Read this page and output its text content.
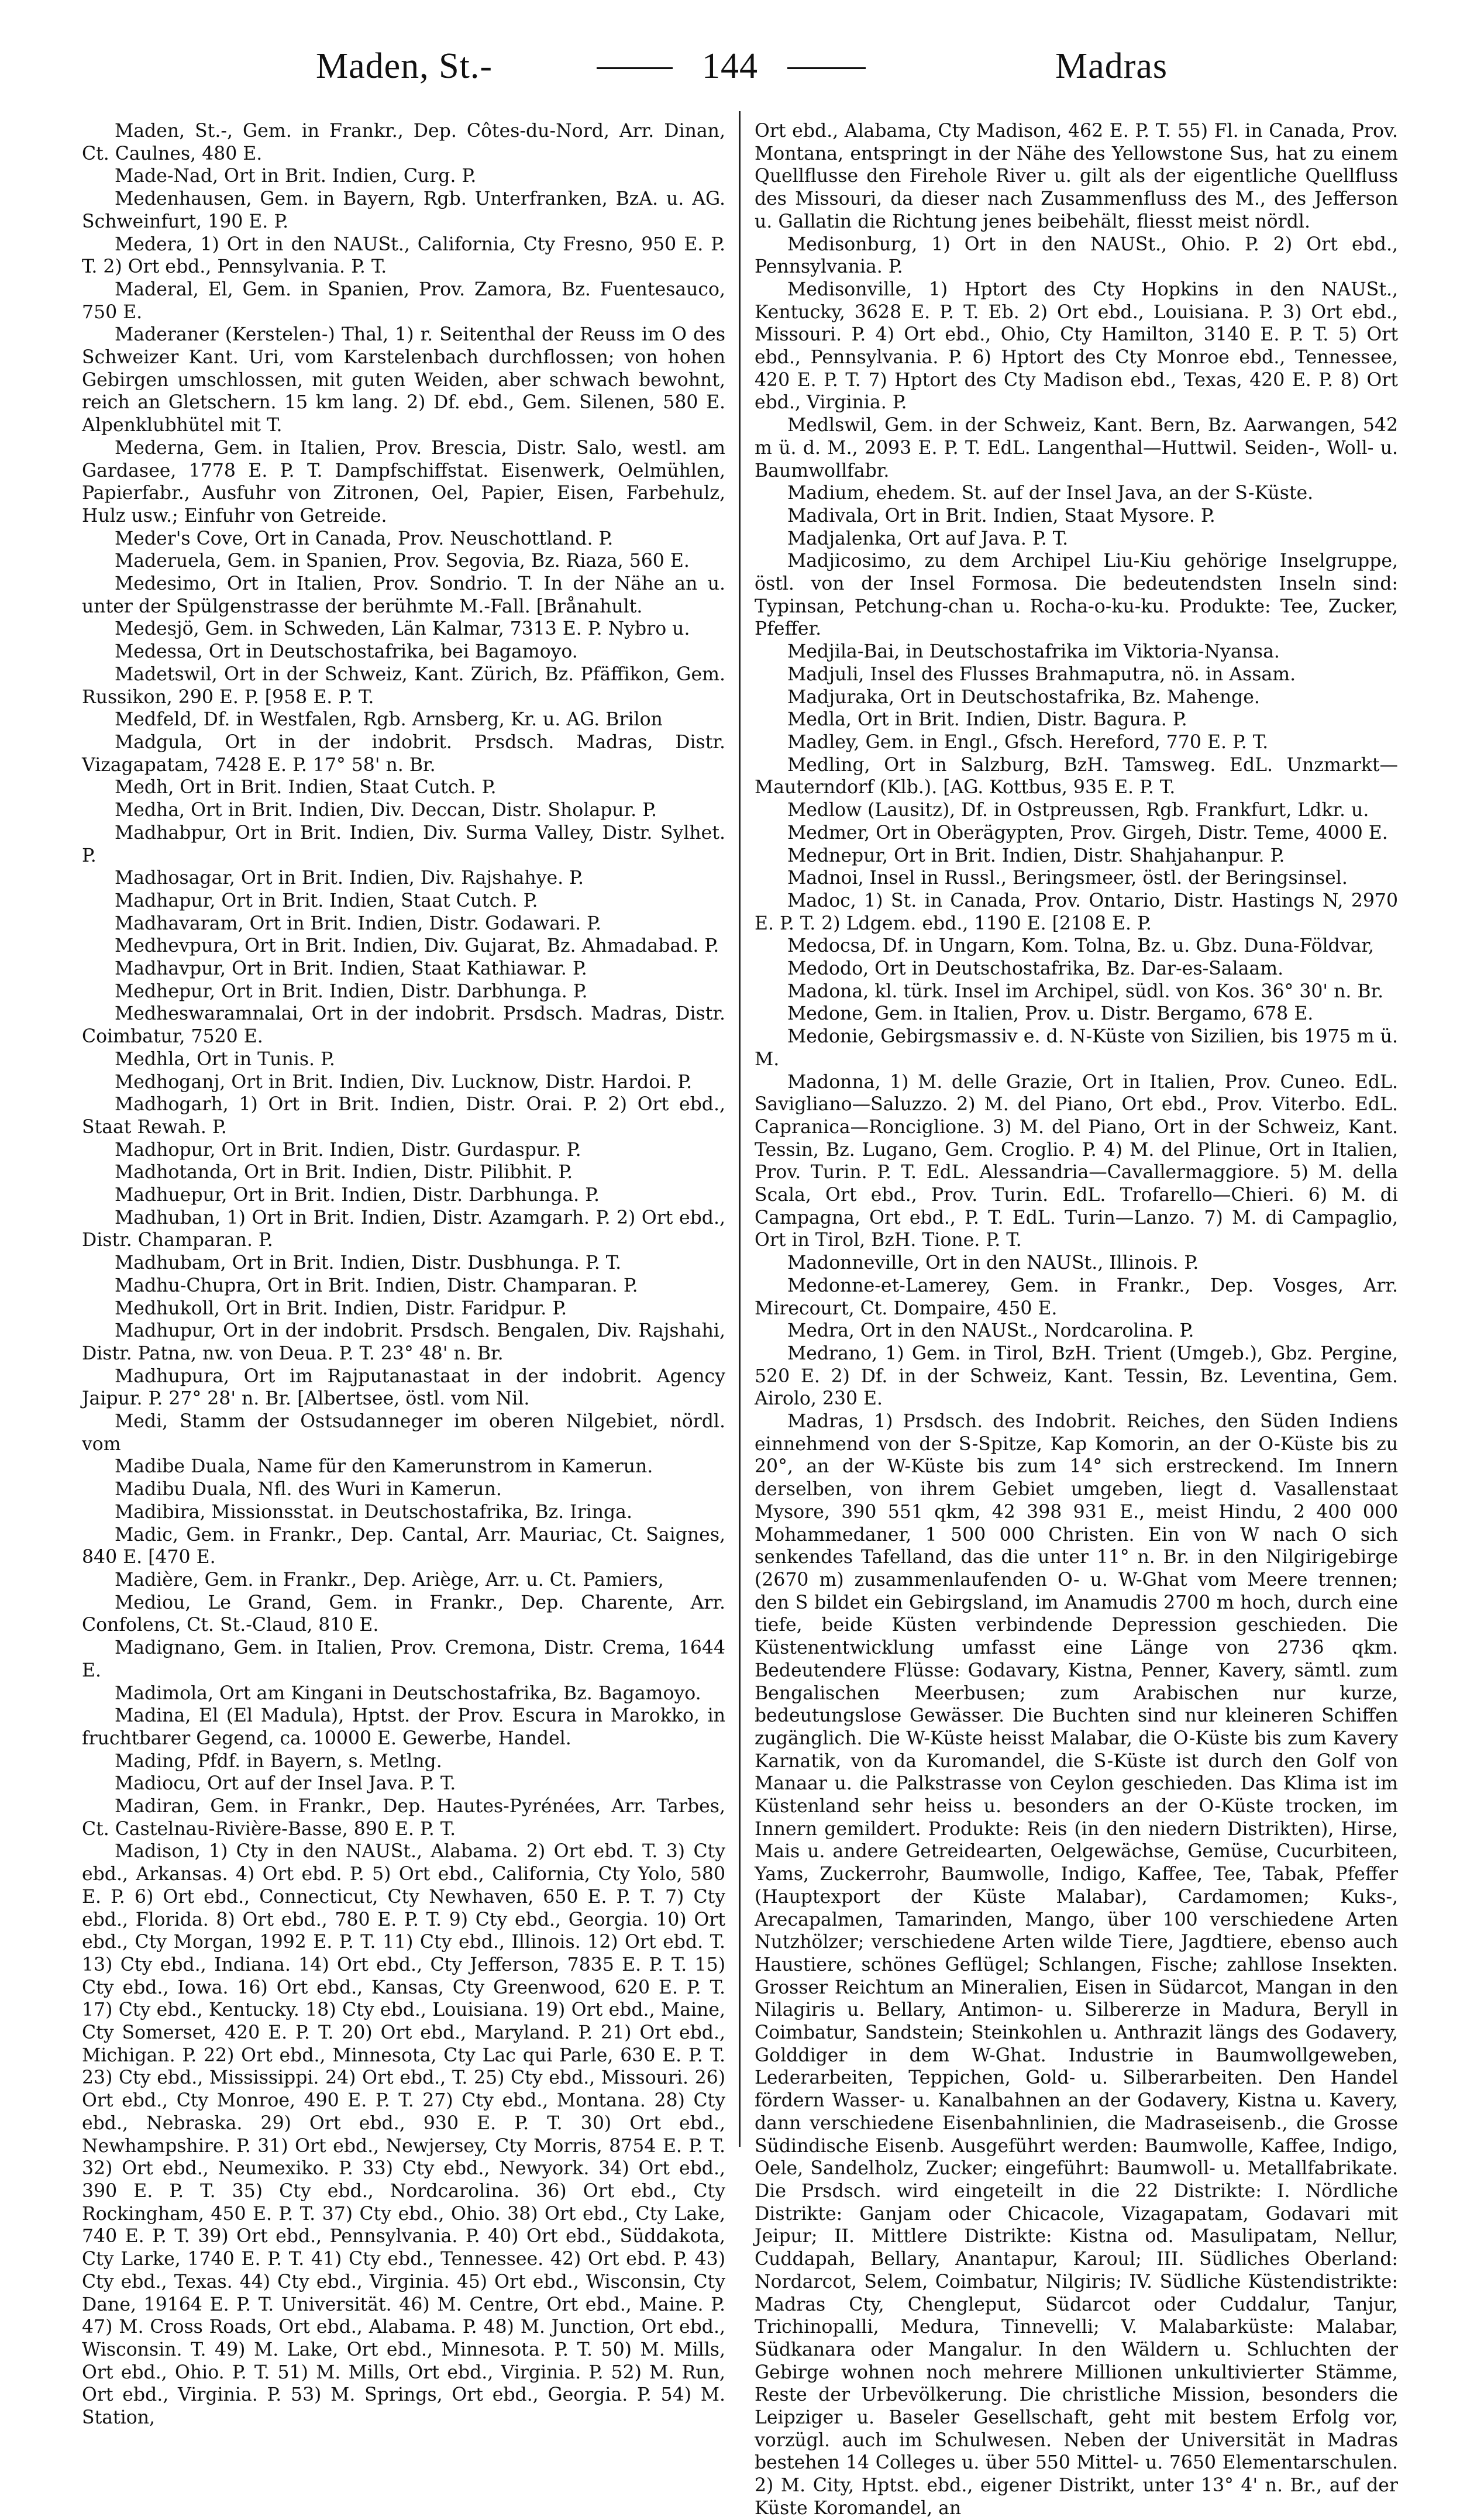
Maden, St.-	144	Madras

Maden, St.-, Gem. in Frankr., Dep. Côtes-du-Nord, Arr. Dinan, Ct. Caulnes, 480 E.

Made-Nad, Ort in Brit. Indien, Curg. P.

Medenhausen, Gem. in Bayern, Rgb. Unterfranken, BzA. u. AG. Schweinfurt, 190 E. P.

Medera, 1) Ort in den NAUSt., California, Cty Fresno, 950 E. P. T. 2) Ort ebd., Pennsylvania. P. T.

Maderal, El, Gem. in Spanien, Prov. Zamora, Bz. Fuentesauco, 750 E.

Maderaner (Kerstelen-) Thal, 1) r. Seitenthal der Reuss im O des Schweizer Kant. Uri, vom Karstelenbach durchflossen; von hohen Gebirgen umschlossen, mit guten Weiden, aber schwach bewohnt, reich an Gletschern. 15 km lang. 2) Df. ebd., Gem. Silenen, 580 E. Alpenklubhütel mit T.

Mederna, Gem. in Italien, Prov. Brescia, Distr. Salo, westl. am Gardasee, 1778 E. P. T. Dampfschiffstat. Eisenwerk, Oelmühlen, Papierfabr., Ausfuhr von Zitronen, Oel, Papier, Eisen, Farbehulz, Hulz usw.; Einfuhr von Getreide.

Meder's Cove, Ort in Canada, Prov. Neuschottland. P.

Maderuela, Gem. in Spanien, Prov. Segovia, Bz. Riaza, 560 E.

Medesimo, Ort in Italien, Prov. Sondrio. T. In der Nähe an u. unter der Spülgenstrasse der berühmte M.-Fall. [Brånahult.

Medesjö, Gem. in Schweden, Län Kalmar, 7313 E. P. Nybro u.

Medessa, Ort in Deutschostafrika, bei Bagamoyo.

Madetswil, Ort in der Schweiz, Kant. Zürich, Bz. Pfäffikon, Gem. Russikon, 290 E. P. [958 E. P. T.

Medfeld, Df. in Westfalen, Rgb. Arnsberg, Kr. u. AG. Brilon

Madgula, Ort in der indobrit. Prsdsch. Madras, Distr. Vizagapatam, 7428 E. P. 17° 58' n. Br.

Medh, Ort in Brit. Indien, Staat Cutch. P.

Medha, Ort in Brit. Indien, Div. Deccan, Distr. Sholapur. P.

Madhabpur, Ort in Brit. Indien, Div. Surma Valley, Distr. Sylhet. P.

Madhosagar, Ort in Brit. Indien, Div. Rajshahye. P.

Madhapur, Ort in Brit. Indien, Staat Cutch. P.

Madhavaram, Ort in Brit. Indien, Distr. Godawari. P.

Medhevpura, Ort in Brit. Indien, Div. Gujarat, Bz. Ahmadabad. P.

Madhavpur, Ort in Brit. Indien, Staat Kathiawar. P.

Medhepur, Ort in Brit. Indien, Distr. Darbhunga. P.

Medheswaramnalai, Ort in der indobrit. Prsdsch. Madras, Distr. Coimbatur, 7520 E.

Medhla, Ort in Tunis. P.

Medhoganj, Ort in Brit. Indien, Div. Lucknow, Distr. Hardoi. P.

Madhogarh, 1) Ort in Brit. Indien, Distr. Orai. P. 2) Ort ebd., Staat Rewah. P.

Madhopur, Ort in Brit. Indien, Distr. Gurdaspur. P.

Madhotanda, Ort in Brit. Indien, Distr. Pilibhit. P.

Madhuepur, Ort in Brit. Indien, Distr. Darbhunga. P.

Madhuban, 1) Ort in Brit. Indien, Distr. Azamgarh. P. 2) Ort ebd., Distr. Champaran. P.

Madhubam, Ort in Brit. Indien, Distr. Dusbhunga. P. T.

Madhu-Chupra, Ort in Brit. Indien, Distr. Champaran. P.

Medhukoll, Ort in Brit. Indien, Distr. Faridpur. P.

Madhupur, Ort in der indobrit. Prsdsch. Bengalen, Div. Rajshahi, Distr. Patna, nw. von Deua. P. T. 23° 48' n. Br.

Madhupura, Ort im Rajputanastaat in der indobrit. Agency Jaipur. P. 27° 28' n. Br. [Albertsee, östl. vom Nil.

Medi, Stamm der Ostsudanneger im oberen Nilgebiet, nördl. vom

Madibe Duala, Name für den Kamerunstrom in Kamerun.

Madibu Duala, Nfl. des Wuri in Kamerun.

Madibira, Missionsstat. in Deutschostafrika, Bz. Iringa.

Madic, Gem. in Frankr., Dep. Cantal, Arr. Mauriac, Ct. Saignes, 840 E. [470 E.

Madière, Gem. in Frankr., Dep. Ariège, Arr. u. Ct. Pamiers,

Mediou, Le Grand, Gem. in Frankr., Dep. Charente, Arr. Confolens, Ct. St.-Claud, 810 E.

Madignano, Gem. in Italien, Prov. Cremona, Distr. Crema, 1644 E.

Madimola, Ort am Kingani in Deutschostafrika, Bz. Bagamoyo.

Madina, El (El Madula), Hptst. der Prov. Escura in Marokko, in fruchtbarer Gegend, ca. 10000 E. Gewerbe, Handel.

Mading, Pfdf. in Bayern, s. Metlng.

Madiocu, Ort auf der Insel Java. P. T.

Madiran, Gem. in Frankr., Dep. Hautes-Pyrénées, Arr. Tarbes, Ct. Castelnau-Rivière-Basse, 890 E. P. T.

Madison, 1) Cty in den NAUSt., Alabama. 2) Ort ebd. T. 3) Cty ebd., Arkansas. 4) Ort ebd. P. 5) Ort ebd., California, Cty Yolo, 580 E. P. 6) Ort ebd., Connecticut, Cty Newhaven, 650 E. P. T. 7) Cty ebd., Florida. 8) Ort ebd., 780 E. P. T. 9) Cty ebd., Georgia. 10) Ort ebd., Cty Morgan, 1992 E. P. T. 11) Cty ebd., Illinois. 12) Ort ebd. T. 13) Cty ebd., Indiana. 14) Ort ebd., Cty Jefferson, 7835 E. P. T. 15) Cty ebd., Iowa. 16) Ort ebd., Kansas, Cty Greenwood, 620 E. P. T. 17) Cty ebd., Kentucky. 18) Cty ebd., Louisiana. 19) Ort ebd., Maine, Cty Somerset, 420 E. P. T. 20) Ort ebd., Maryland. P. 21) Ort ebd., Michigan. P. 22) Ort ebd., Minnesota, Cty Lac qui Parle, 630 E. P. T. 23) Cty ebd., Mississippi. 24) Ort ebd., T. 25) Cty ebd., Missouri. 26) Ort ebd., Cty Monroe, 490 E. P. T. 27) Cty ebd., Montana. 28) Cty ebd., Nebraska. 29) Ort ebd., 930 E. P. T. 30) Ort ebd., Newhampshire. P. 31) Ort ebd., Newjersey, Cty Morris, 8754 E. P. T. 32) Ort ebd., Neumexiko. P. 33) Cty ebd., Newyork. 34) Ort ebd., 390 E. P. T. 35) Cty ebd., Nordcarolina. 36) Ort ebd., Cty Rockingham, 450 E. P. T. 37) Cty ebd., Ohio. 38) Ort ebd., Cty Lake, 740 E. P. T. 39) Ort ebd., Pennsylvania. P. 40) Ort ebd., Süddakota, Cty Larke, 1740 E. P. T. 41) Cty ebd., Tennessee. 42) Ort ebd. P. 43) Cty ebd., Texas. 44) Cty ebd., Virginia. 45) Ort ebd., Wisconsin, Cty Dane, 19164 E. P. T. Universität. 46) M. Centre, Ort ebd., Maine. P. 47) M. Cross Roads, Ort ebd., Alabama. P. 48) M. Junction, Ort ebd., Wisconsin. T. 49) M. Lake, Ort ebd., Minnesota. P. T. 50) M. Mills, Ort ebd., Ohio. P. T. 51) M. Mills, Ort ebd., Virginia. P. 52) M. Run, Ort ebd., Virginia. P. 53) M. Springs, Ort ebd., Georgia. P. 54) M. Station,

Ort ebd., Alabama, Cty Madison, 462 E. P. T. 55) Fl. in Canada, Prov. Montana, entspringt in der Nähe des Yellowstone Sus, hat zu einem Quellflusse den Firehole River u. gilt als der eigentliche Quellfluss des Missouri, da dieser nach Zusammenfluss des M., des Jefferson u. Gallatin die Richtung jenes beibehält, fliesst meist nördl.

Medisonburg, 1) Ort in den NAUSt., Ohio. P. 2) Ort ebd., Pennsylvania. P.

Medisonville, 1) Hptort des Cty Hopkins in den NAUSt., Kentucky, 3628 E. P. T. Eb. 2) Ort ebd., Louisiana. P. 3) Ort ebd., Missouri. P. 4) Ort ebd., Ohio, Cty Hamilton, 3140 E. P. T. 5) Ort ebd., Pennsylvania. P. 6) Hptort des Cty Monroe ebd., Tennessee, 420 E. P. T. 7) Hptort des Cty Madison ebd., Texas, 420 E. P. 8) Ort ebd., Virginia. P.

Medlswil, Gem. in der Schweiz, Kant. Bern, Bz. Aarwangen, 542 m ü. d. M., 2093 E. P. T. EdL. Langenthal—Huttwil. Seiden-, Woll- u. Baumwollfabr.

Madium, ehedem. St. auf der Insel Java, an der S-Küste.

Madivala, Ort in Brit. Indien, Staat Mysore. P.

Madjalenka, Ort auf Java. P. T.

Madjicosimo, zu dem Archipel Liu-Kiu gehörige Inselgruppe, östl. von der Insel Formosa. Die bedeutendsten Inseln sind: Typinsan, Petchung-chan u. Rocha-o-ku-ku. Produkte: Tee, Zucker, Pfeffer.

Medjila-Bai, in Deutschostafrika im Viktoria-Nyansa.

Madjuli, Insel des Flusses Brahmaputra, nö. in Assam.

Madjuraka, Ort in Deutschostafrika, Bz. Mahenge.

Medla, Ort in Brit. Indien, Distr. Bagura. P.

Madley, Gem. in Engl., Gfsch. Hereford, 770 E. P. T.

Medling, Ort in Salzburg, BzH. Tamsweg. EdL. Unzmarkt—Mauterndorf (Klb.). [AG. Kottbus, 935 E. P. T.

Medlow (Lausitz), Df. in Ostpreussen, Rgb. Frankfurt, Ldkr. u.

Medmer, Ort in Oberägypten, Prov. Girgeh, Distr. Teme, 4000 E.

Mednepur, Ort in Brit. Indien, Distr. Shahjahanpur. P.

Madnoi, Insel in Russl., Beringsmeer, östl. der Beringsinsel.

Madoc, 1) St. in Canada, Prov. Ontario, Distr. Hastings N, 2970 E. P. T. 2) Ldgem. ebd., 1190 E. [2108 E. P.

Medocsa, Df. in Ungarn, Kom. Tolna, Bz. u. Gbz. Duna-Földvar,

Medodo, Ort in Deutschostafrika, Bz. Dar-es-Salaam.

Madona, kl. türk. Insel im Archipel, südl. von Kos. 36° 30' n. Br.

Medone, Gem. in Italien, Prov. u. Distr. Bergamo, 678 E.

Medonie, Gebirgsmassiv e. d. N-Küste von Sizilien, bis 1975 m ü. M.

Madonna, 1) M. delle Grazie, Ort in Italien, Prov. Cuneo. EdL. Savigliano—Saluzzo. 2) M. del Piano, Ort ebd., Prov. Viterbo. EdL. Capranica—Ronciglione. 3) M. del Piano, Ort in der Schweiz, Kant. Tessin, Bz. Lugano, Gem. Croglio. P. 4) M. del Plinue, Ort in Italien, Prov. Turin. P. T. EdL. Alessandria—Cavallermaggiore. 5) M. della Scala, Ort ebd., Prov. Turin. EdL. Trofarello—Chieri. 6) M. di Campagna, Ort ebd., P. T. EdL. Turin—Lanzo. 7) M. di Campaglio, Ort in Tirol, BzH. Tione. P. T.

Madonneville, Ort in den NAUSt., Illinois. P.

Medonne-et-Lamerey, Gem. in Frankr., Dep. Vosges, Arr. Mirecourt, Ct. Dompaire, 450 E.

Medra, Ort in den NAUSt., Nordcarolina. P.

Medrano, 1) Gem. in Tirol, BzH. Trient (Umgeb.), Gbz. Pergine, 520 E. 2) Df. in der Schweiz, Kant. Tessin, Bz. Leventina, Gem. Airolo, 230 E.

Madras, 1) Prsdsch. des Indobrit. Reiches, den Süden Indiens einnehmend von der S-Spitze, Kap Komorin, an der O-Küste bis zu 20°, an der W-Küste bis zum 14° sich erstreckend. Im Innern derselben, von ihrem Gebiet umgeben, liegt d. Vasallenstaat Mysore, 390 551 qkm, 42 398 931 E., meist Hindu, 2 400 000 Mohammedaner, 1 500 000 Christen. Ein von W nach O sich senkendes Tafelland, das die unter 11° n. Br. in den Nilgirigebirge (2670 m) zusammenlaufenden O- u. W-Ghat vom Meere trennen; den S bildet ein Gebirgsland, im Anamudis 2700 m hoch, durch eine tiefe, beide Küsten verbindende Depression geschieden. Die Küstenentwicklung umfasst eine Länge von 2736 qkm. Bedeutendere Flüsse: Godavary, Kistna, Penner, Kavery, sämtl. zum Bengalischen Meerbusen; zum Arabischen nur kurze, bedeutungslose Gewässer. Die Buchten sind nur kleineren Schiffen zugänglich. Die W-Küste heisst Malabar, die O-Küste bis zum Kavery Karnatik, von da Kuromandel, die S-Küste ist durch den Golf von Manaar u. die Palkstrasse von Ceylon geschieden. Das Klima ist im Küstenland sehr heiss u. besonders an der O-Küste trocken, im Innern gemildert. Produkte: Reis (in den niedern Distrikten), Hirse, Mais u. andere Getreidearten, Oelgewächse, Gemüse, Cucurbiteen, Yams, Zuckerrohr, Baumwolle, Indigo, Kaffee, Tee, Tabak, Pfeffer (Hauptexport der Küste Malabar), Cardamomen; Kuks-, Arecapalmen, Tamarinden, Mango, über 100 verschiedene Arten Nutzhölzer; verschiedene Arten wilde Tiere, Jagdtiere, ebenso auch Haustiere, schönes Geflügel; Schlangen, Fische; zahllose Insekten. Grosser Reichtum an Mineralien, Eisen in Südarcot, Mangan in den Nilagiris u. Bellary, Antimon- u. Silbererze in Madura, Beryll in Coimbatur, Sandstein; Steinkohlen u. Anthrazit längs des Godavery, Golddiger in dem W-Ghat. Industrie in Baumwollgeweben, Lederarbeiten, Teppichen, Gold- u. Silberarbeiten. Den Handel fördern Wasser- u. Kanalbahnen an der Godavery, Kistna u. Kavery, dann verschiedene Eisenbahnlinien, die Madraseisenb., die Grosse Südindische Eisenb. Ausgeführt werden: Baumwolle, Kaffee, Indigo, Oele, Sandelholz, Zucker; eingeführt: Baumwoll- u. Metallfabrikate. Die Prsdsch. wird eingeteilt in die 22 Distrikte: I. Nördliche Distrikte: Ganjam oder Chicacole, Vizagapatam, Godavari mit Jeipur; II. Mittlere Distrikte: Kistna od. Masulipatam, Nellur, Cuddapah, Bellary, Anantapur, Karoul; III. Südliches Oberland: Nordarcot, Selem, Coimbatur, Nilgiris; IV. Südliche Küstendistrikte: Madras Cty, Chengleput, Südarcot oder Cuddalur, Tanjur, Trichinopalli, Medura, Tinnevelli; V. Malabarküste: Malabar, Südkanara oder Mangalur. In den Wäldern u. Schluchten der Gebirge wohnen noch mehrere Millionen unkultivierter Stämme, Reste der Urbevölkerung. Die christliche Mission, besonders die Leipziger u. Baseler Gesellschaft, geht mit bestem Erfolg vor, vorzügl. auch im Schulwesen. Neben der Universität in Madras bestehen 14 Colleges u. über 550 Mittel- u. 7650 Elementarschulen. 2) M. City, Hptst. ebd., eigener Distrikt, unter 13° 4' n. Br., auf der Küste Koromandel, an
